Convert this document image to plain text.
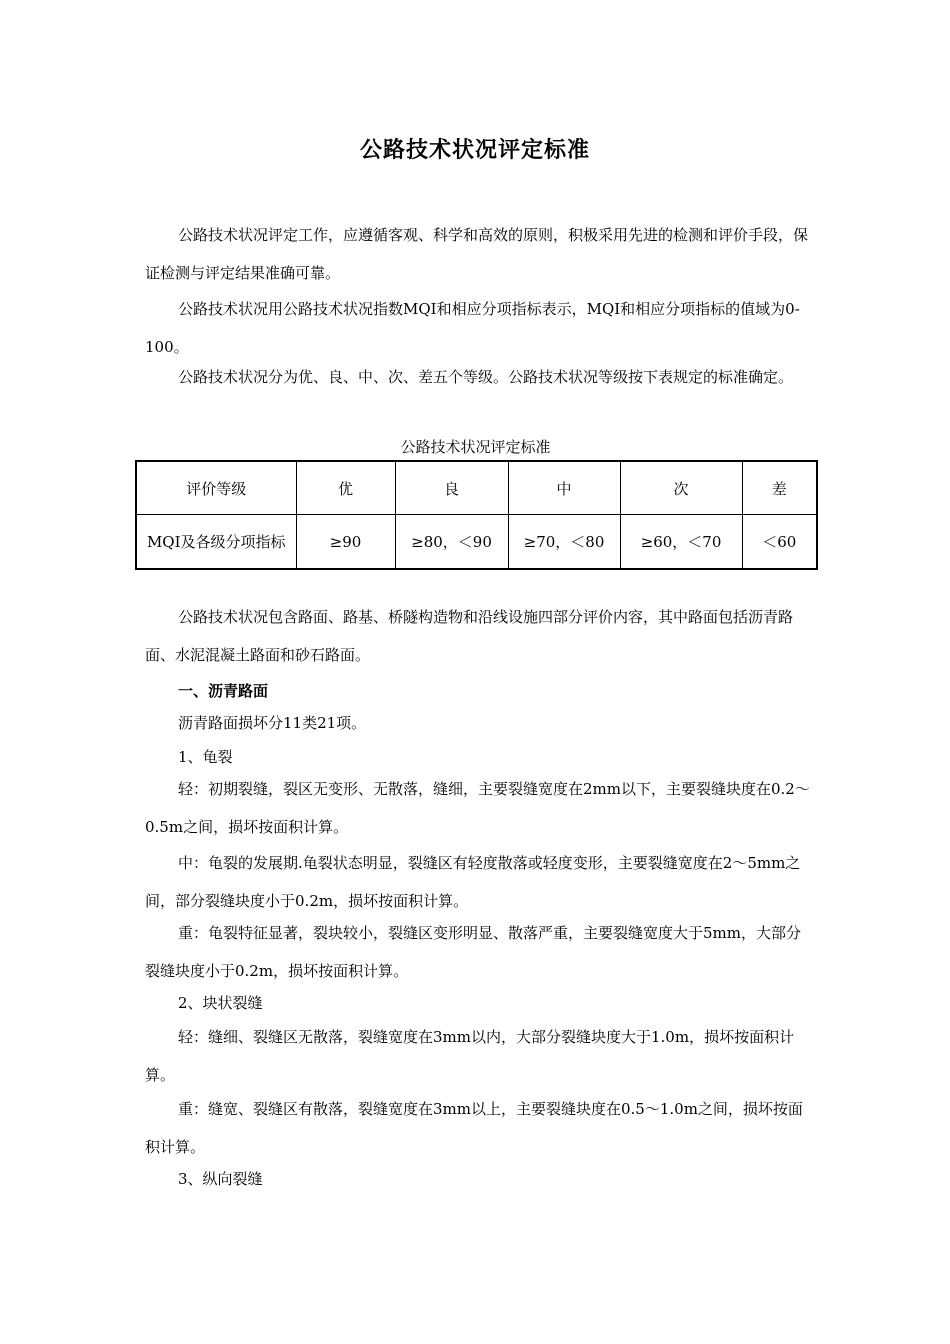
公路技术状况评定标准

公路技术状况评定工作，应遵循客观、科学和高效的原则，积极采用先进的检测和评价手段，保证检测与评定结果准确可靠。

公路技术状况用公路技术状况指数MQI和相应分项指标表示，MQI和相应分项指标的值域为0-100。

公路技术状况分为优、良、中、次、差五个等级。公路技术状况等级按下表规定的标准确定。

公路技术状况评定标准

评价等级	优	良	中	次	差
MQI及各级分项指标	≥90	≥80，＜90	≥70，＜80	≥60，＜70	＜60

公路技术状况包含路面、路基、桥隧构造物和沿线设施四部分评价内容，其中路面包括沥青路面、水泥混凝土路面和砂石路面。

一、沥青路面

沥青路面损坏分11类21项。

1、龟裂

轻：初期裂缝，裂区无变形、无散落，缝细，主要裂缝宽度在2mm以下，主要裂缝块度在0.2～0.5m之间，损坏按面积计算。

中：龟裂的发展期.龟裂状态明显，裂缝区有轻度散落或轻度变形，主要裂缝宽度在2～5mm之间，部分裂缝块度小于0.2m，损坏按面积计算。

重：龟裂特征显著，裂块较小，裂缝区变形明显、散落严重，主要裂缝宽度大于5mm，大部分裂缝块度小于0.2m，损坏按面积计算。

2、块状裂缝

轻：缝细、裂缝区无散落，裂缝宽度在3mm以内，大部分裂缝块度大于1.0m，损坏按面积计算。

重：缝宽、裂缝区有散落，裂缝宽度在3mm以上，主要裂缝块度在0.5～1.0m之间，损坏按面积计算。

3、纵向裂缝
